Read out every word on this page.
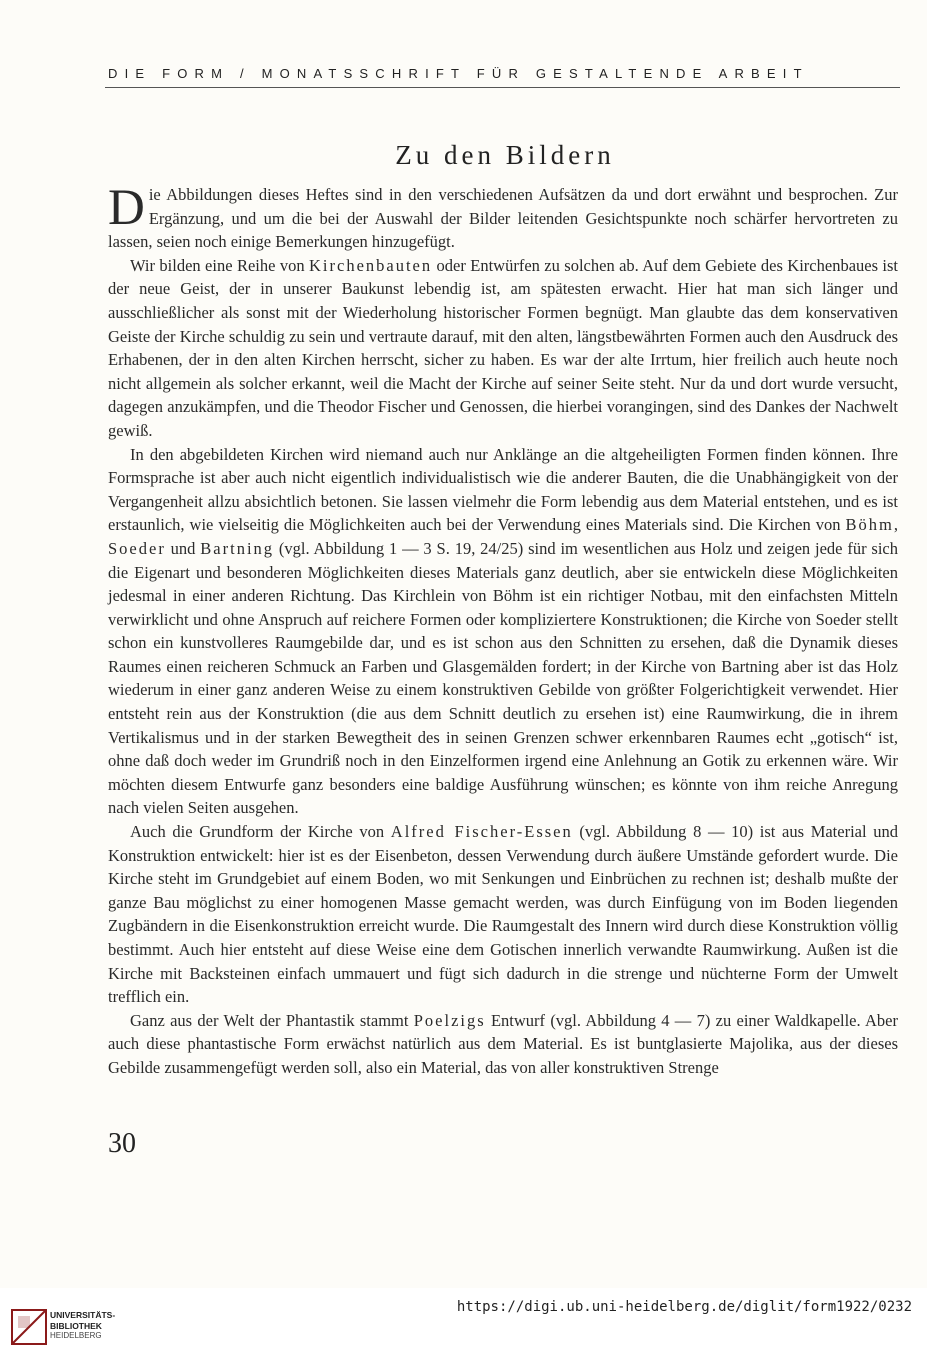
DIE FORM / MONATSSCHRIFT FÜR GESTALTENDE ARBEIT
Zu den Bildern

Die Abbildungen dieses Heftes sind in den verschiedenen Aufsätzen da und dort erwähnt und besprochen. Zur Ergänzung, und um die bei der Auswahl der Bilder leitenden Gesichtspunkte noch schärfer hervortreten zu lassen, seien noch einige Bemerkungen hinzugefügt.

Wir bilden eine Reihe von Kirchenbauten oder Entwürfen zu solchen ab. Auf dem Gebiete des Kirchenbaues ist der neue Geist, der in unserer Baukunst lebendig ist, am spätesten erwacht. Hier hat man sich länger und ausschließlicher als sonst mit der Wiederholung historischer Formen begnügt. Man glaubte das dem konservativen Geiste der Kirche schuldig zu sein und vertraute darauf, mit den alten, längstbewährten Formen auch den Ausdruck des Erhabenen, der in den alten Kirchen herrscht, sicher zu haben. Es war der alte Irrtum, hier freilich auch heute noch nicht allgemein als solcher erkannt, weil die Macht der Kirche auf seiner Seite steht. Nur da und dort wurde versucht, dagegen anzukämpfen, und die Theodor Fischer und Genossen, die hierbei vorangingen, sind des Dankes der Nachwelt gewiß.

In den abgebildeten Kirchen wird niemand auch nur Anklänge an die altgeheiligten Formen finden können. Ihre Formsprache ist aber auch nicht eigentlich individualistisch wie die anderer Bauten, die die Unabhängigkeit von der Vergangenheit allzu absichtlich betonen. Sie lassen vielmehr die Form lebendig aus dem Material entstehen, und es ist erstaunlich, wie vielseitig die Möglichkeiten auch bei der Verwendung eines Materials sind. Die Kirchen von Böhm, Soeder und Bartning (vgl. Abbildung 1 — 3 S. 19, 24/25) sind im wesentlichen aus Holz und zeigen jede für sich die Eigenart und besonderen Möglichkeiten dieses Materials ganz deutlich, aber sie entwickeln diese Möglichkeiten jedesmal in einer anderen Richtung. Das Kirchlein von Böhm ist ein richtiger Notbau, mit den einfachsten Mitteln verwirklicht und ohne Anspruch auf reichere Formen oder kompliziertere Konstruktionen; die Kirche von Soeder stellt schon ein kunstvolleres Raumgebilde dar, und es ist schon aus den Schnitten zu ersehen, daß die Dynamik dieses Raumes einen reicheren Schmuck an Farben und Glasgemälden fordert; in der Kirche von Bartning aber ist das Holz wiederum in einer ganz anderen Weise zu einem konstruktiven Gebilde von größter Folgerichtigkeit verwendet. Hier entsteht rein aus der Konstruktion (die aus dem Schnitt deutlich zu ersehen ist) eine Raumwirkung, die in ihrem Vertikalismus und in der starken Bewegtheit des in seinen Grenzen schwer erkennbaren Raumes echt „gotisch“ ist, ohne daß doch weder im Grundriß noch in den Einzelformen irgend eine Anlehnung an Gotik zu erkennen wäre. Wir möchten diesem Entwurfe ganz besonders eine baldige Ausführung wünschen; es könnte von ihm reiche Anregung nach vielen Seiten ausgehen.

Auch die Grundform der Kirche von Alfred Fischer-Essen (vgl. Abbildung 8 — 10) ist aus Material und Konstruktion entwickelt: hier ist es der Eisenbeton, dessen Verwendung durch äußere Umstände gefordert wurde. Die Kirche steht im Grundgebiet auf einem Boden, wo mit Senkungen und Einbrüchen zu rechnen ist; deshalb mußte der ganze Bau möglichst zu einer homogenen Masse gemacht werden, was durch Einfügung von im Boden liegenden Zugbändern in die Eisenkonstruktion erreicht wurde. Die Raumgestalt des Innern wird durch diese Konstruktion völlig bestimmt. Auch hier entsteht auf diese Weise eine dem Gotischen innerlich verwandte Raumwirkung. Außen ist die Kirche mit Backsteinen einfach ummauert und fügt sich dadurch in die strenge und nüchterne Form der Umwelt trefflich ein.

Ganz aus der Welt der Phantastik stammt Poelzigs Entwurf (vgl. Abbildung 4 — 7) zu einer Waldkapelle. Aber auch diese phantastische Form erwächst natürlich aus dem Material. Es ist buntglasierte Majolika, aus der dieses Gebilde zusammengefügt werden soll, also ein Material, das von aller konstruktiven Strenge

30
UNIVERSITÄTS-
BIBLIOTHEK
HEIDELBERG
https://digi.ub.uni-heidelberg.de/diglit/form1922/0232
